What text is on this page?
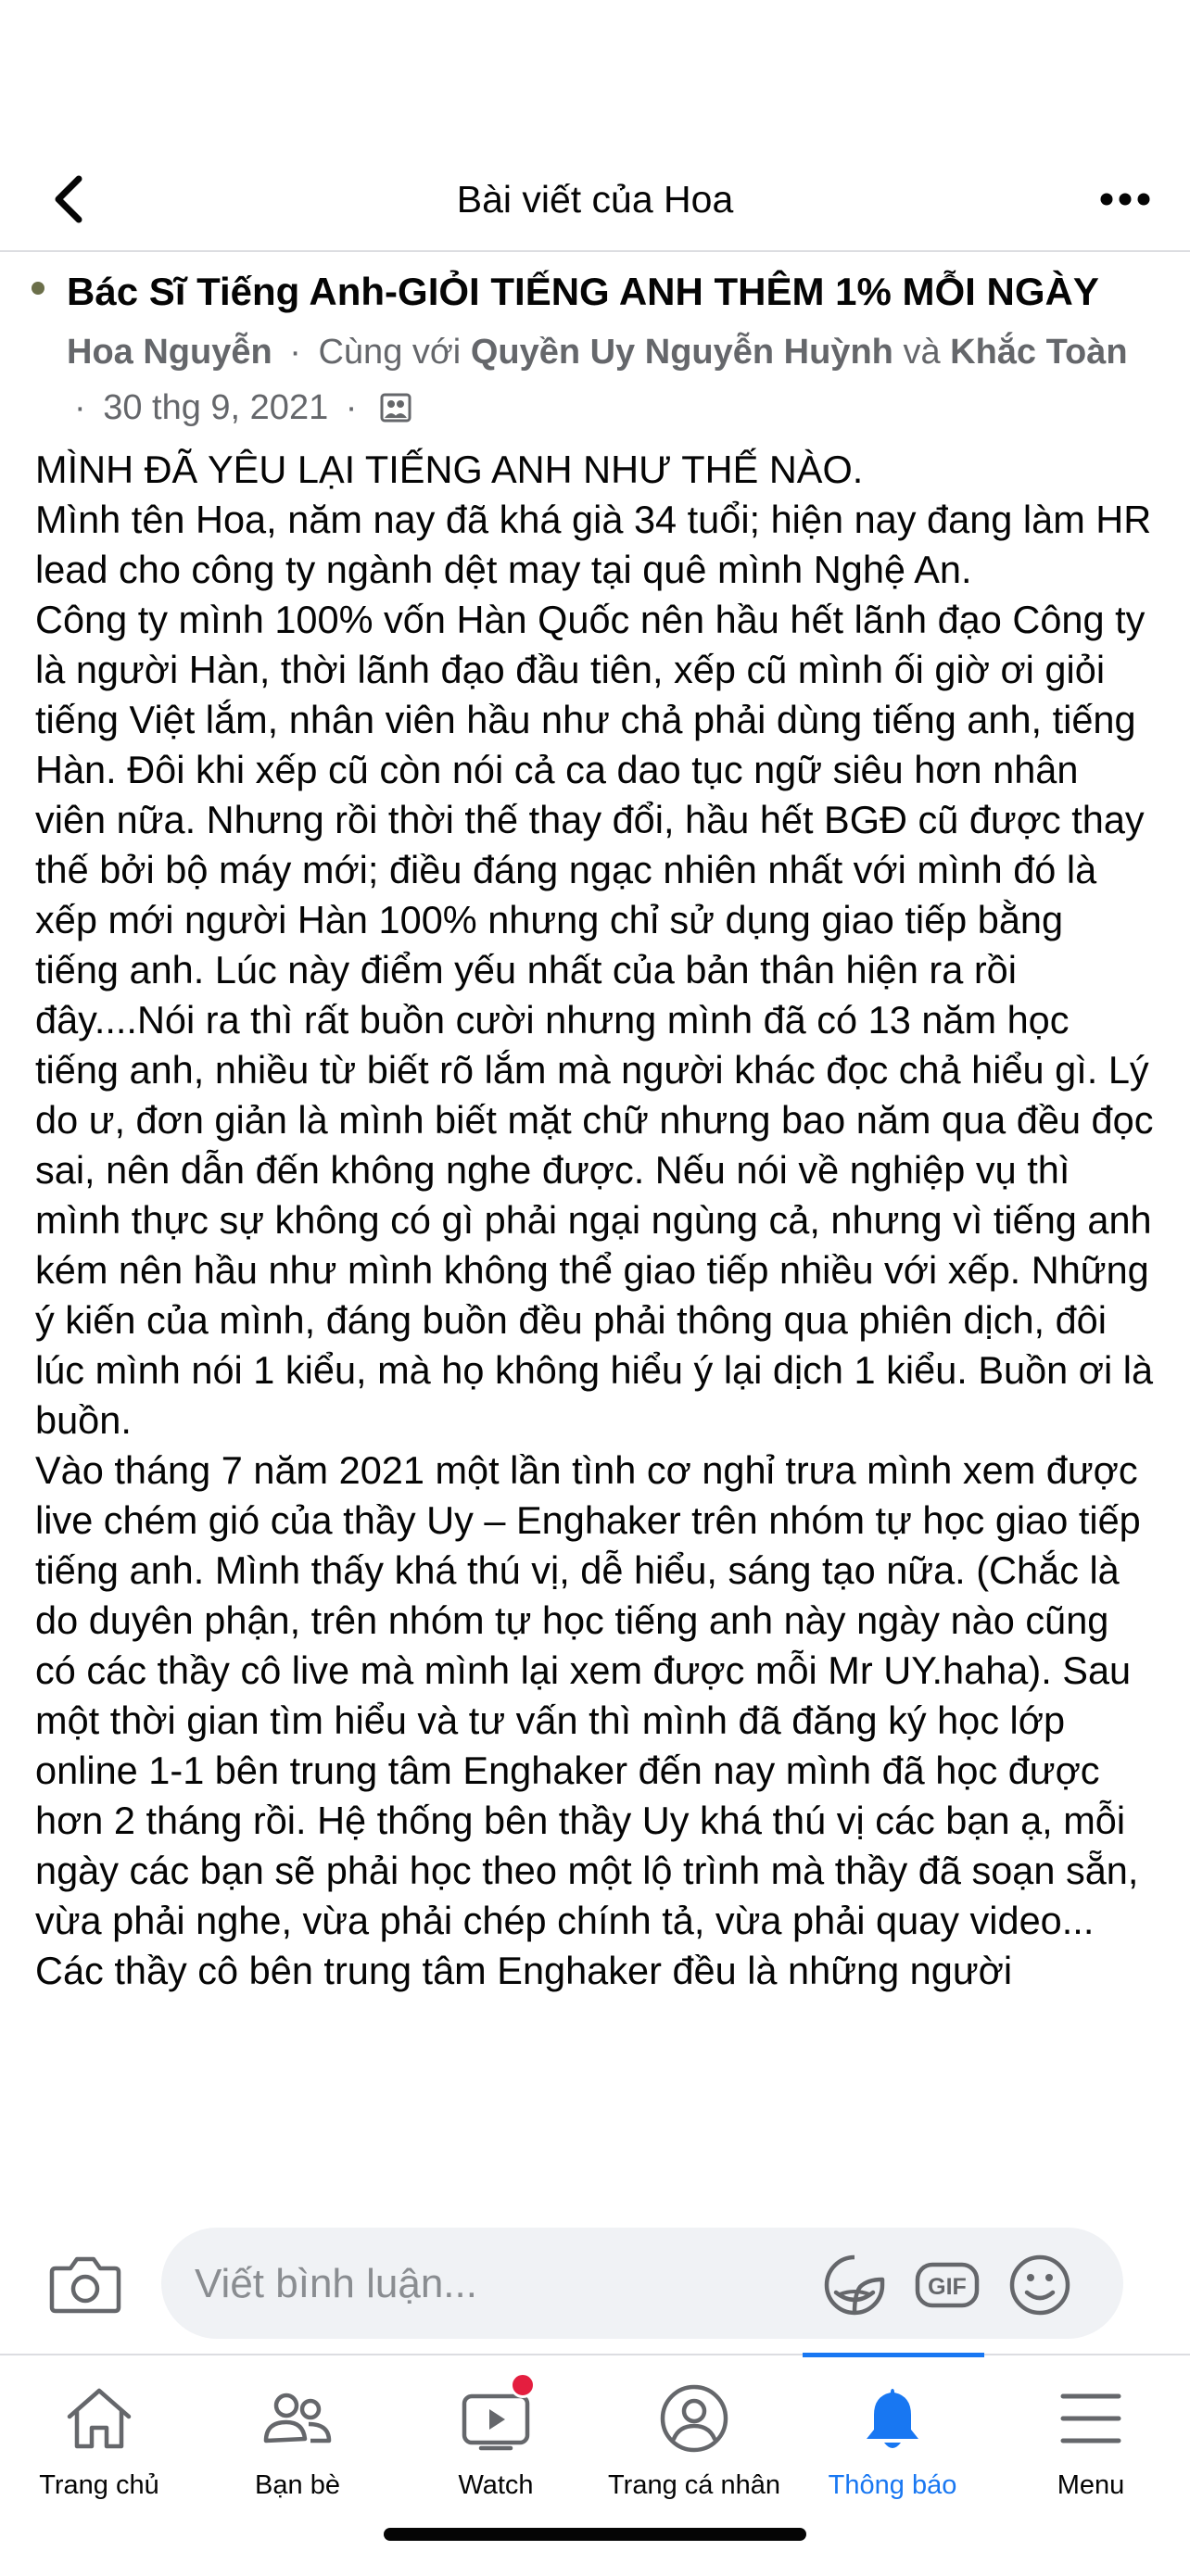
Bài viết của Hoa
Bác Sĩ Tiếng Anh-GIỎI TIẾNG ANH THÊM 1% MỖI NGÀY
Hoa Nguyễn · Cùng với Quyền Uy Nguyễn Huỳnh và Khắc Toàn · 30 thg 9, 2021 ·

MÌNH ĐÃ YÊU LẠI TIẾNG ANH NHƯ THẾ NÀO.

Mình tên Hoa, năm nay đã khá già 34 tuổi; hiện nay đang làm HR lead cho công ty ngành dệt may tại quê mình Nghệ An.

Công ty mình 100% vốn Hàn Quốc nên hầu hết lãnh đạo Công ty là người Hàn, thời lãnh đạo đầu tiên, xếp cũ mình ối giờ ơi giỏi tiếng Việt lắm, nhân viên hầu như chả phải dùng tiếng anh, tiếng Hàn. Đôi khi xếp cũ còn nói cả ca dao tục ngữ siêu hơn nhân viên nữa. Nhưng rồi thời thế thay đổi, hầu hết BGĐ cũ được thay thế bởi bộ máy mới; điều đáng ngạc nhiên nhất với mình đó là xếp mới người Hàn 100% nhưng chỉ sử dụng giao tiếp bằng tiếng anh. Lúc này điểm yếu nhất của bản thân hiện ra rồi đây....Nói ra thì rất buồn cười nhưng mình đã có 13 năm học tiếng anh, nhiều từ biết rõ lắm mà người khác đọc chả hiểu gì. Lý do ư, đơn giản là mình biết mặt chữ nhưng bao năm qua đều đọc sai, nên dẫn đến không nghe được. Nếu nói về nghiệp vụ thì mình thực sự không có gì phải ngại ngùng cả, nhưng vì tiếng anh kém nên hầu như mình không thể giao tiếp nhiều với xếp. Những ý kiến của mình, đáng buồn đều phải thông qua phiên dịch, đôi lúc mình nói 1 kiểu, mà họ không hiểu ý lại dịch 1 kiểu. Buồn ơi là buồn.

Vào tháng 7 năm 2021 một lần tình cơ nghỉ trưa mình xem được live chém gió của thầy Uy – Enghaker trên nhóm tự học giao tiếp tiếng anh. Mình thấy khá thú vị, dễ hiểu, sáng tạo nữa. (Chắc là do duyên phận, trên nhóm tự học tiếng anh này ngày nào cũng có các thầy cô live mà mình lại xem được mỗi Mr UY.haha). Sau một thời gian tìm hiểu và tư vấn thì mình đã đăng ký học lớp online 1-1 bên trung tâm Enghaker đến nay mình đã học được hơn 2 tháng rồi. Hệ thống bên thầy Uy khá thú vị các bạn ạ, mỗi ngày các bạn sẽ phải học theo một lộ trình mà thầy đã soạn sẵn, vừa phải nghe, vừa phải chép chính tả, vừa phải quay video...

Các thầy cô bên trung tâm Enghaker đều là những người

Viết bình luận...	GIF
Trang chủ	Bạn bè	Watch	Trang cá nhân	Thông báo	Menu
